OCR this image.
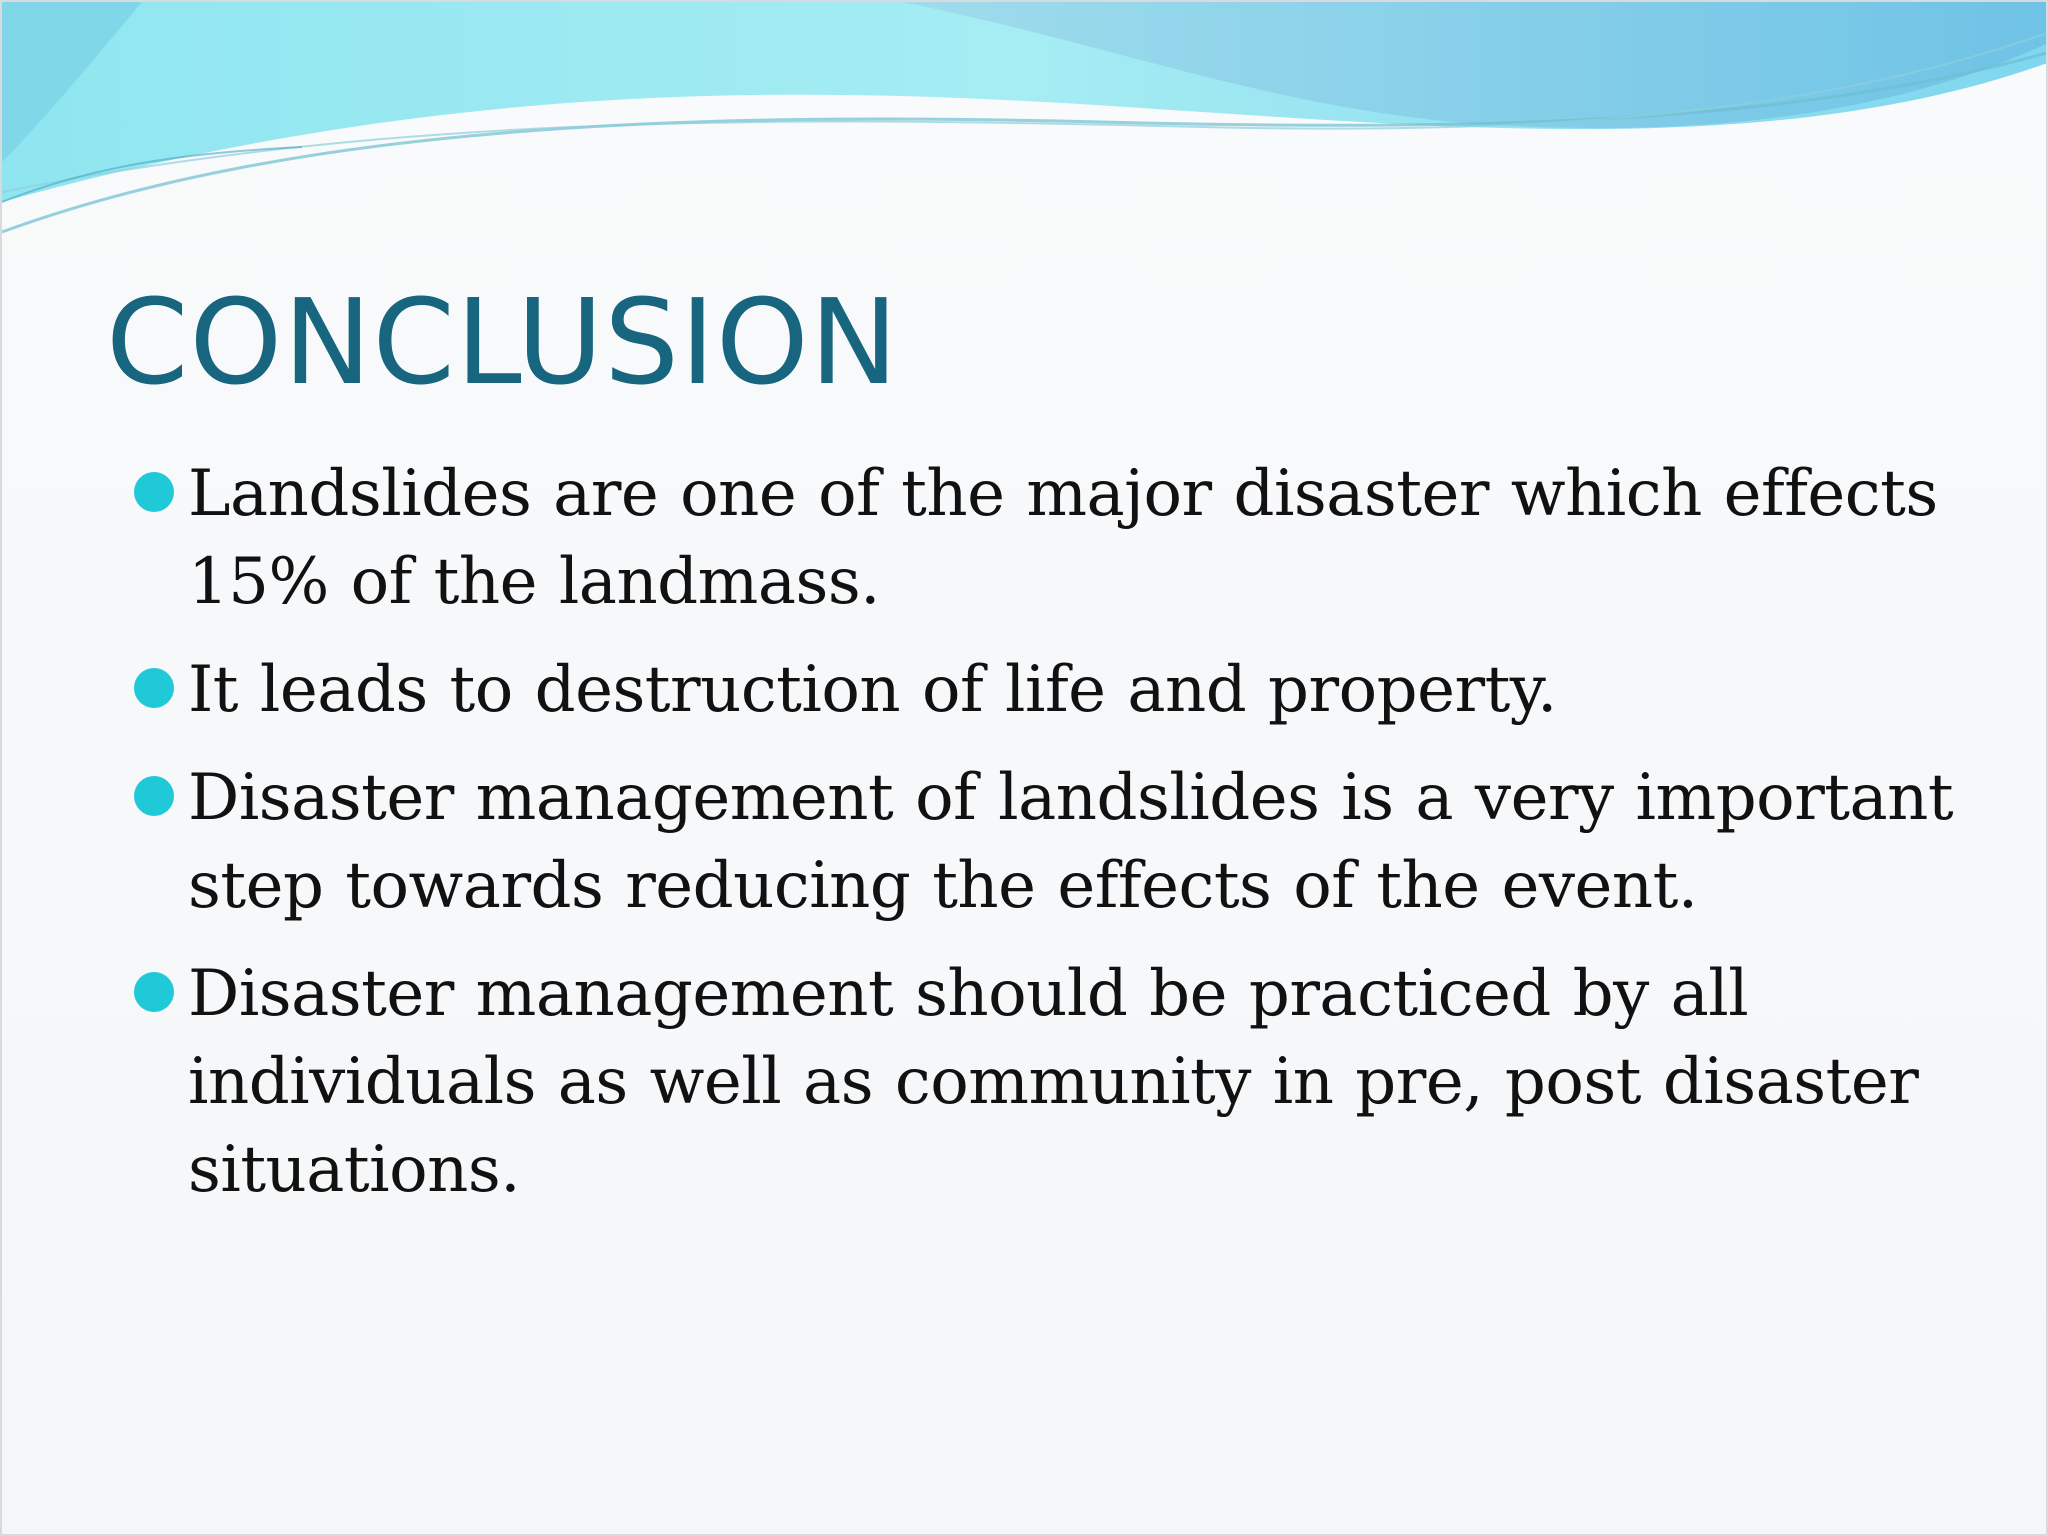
CONCLUSION
Landslides are one of the major disaster which effects 15% of the landmass.
It leads to destruction of life and property.
Disaster management of landslides is a very important step towards reducing the effects of the event.
Disaster management should be practiced by all individuals as well as community in pre, post disaster situations.
